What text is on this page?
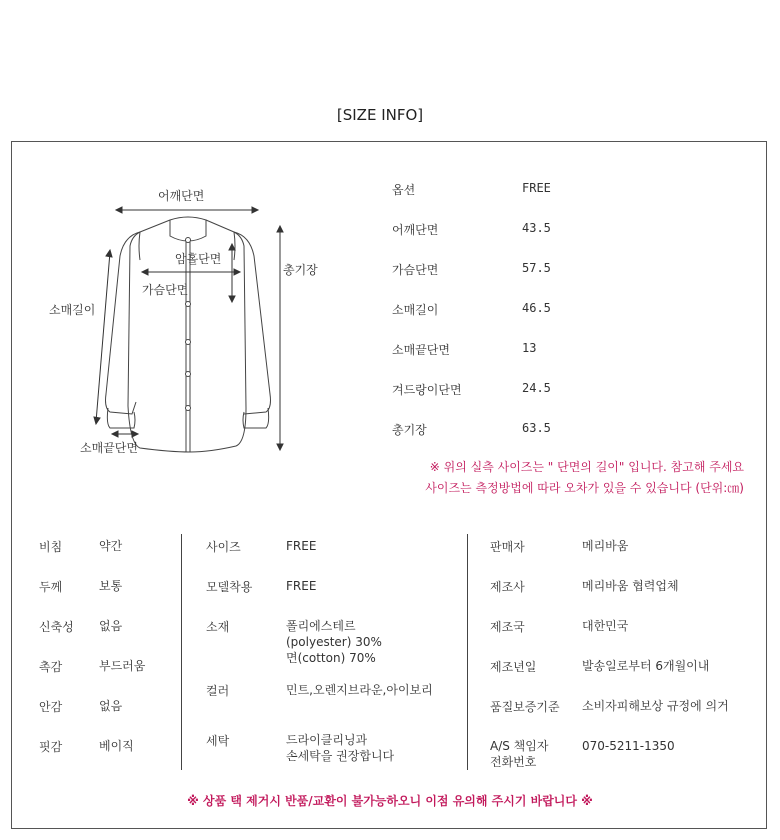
[SIZE INFO]
어깨단면
암홀단면
가슴단면
소매길이
총기장
소매끝단면
옵션	FREE
어깨단면	43.5
가슴단면	57.5
소매길이	46.5
소매끝단면	13
겨드랑이단면	24.5
총기장	63.5
※ 위의 실측 사이즈는 " 단면의 길이" 입니다. 참고해 주세요
사이즈는 측정방법에 따라 오차가 있을 수 있습니다 (단위:㎝)
비침	약간
두께	보통
신축성 없음
촉감	부드러움
안감	없음
핏감	베이직
사이즈	FREE
모델착용	FREE
소재	폴리에스테르
(polyester) 30%
면(cotton) 70%
컬러	민트,오렌지브라운,아이보리
세탁	드라이클리닝과
손세탁을 권장합니다
판매자	메리바움
제조사	메리바움 협력업체
제조국	대한민국
제조년일	발송일로부터 6개월이내
품질보증기준 소비자피해보상 규정에 의거
A/S 책임자
전화번호
070-5211-1350
※ 상품 택 제거시 반품/교환이 불가능하오니 이점 유의해 주시기 바랍니다 ※
